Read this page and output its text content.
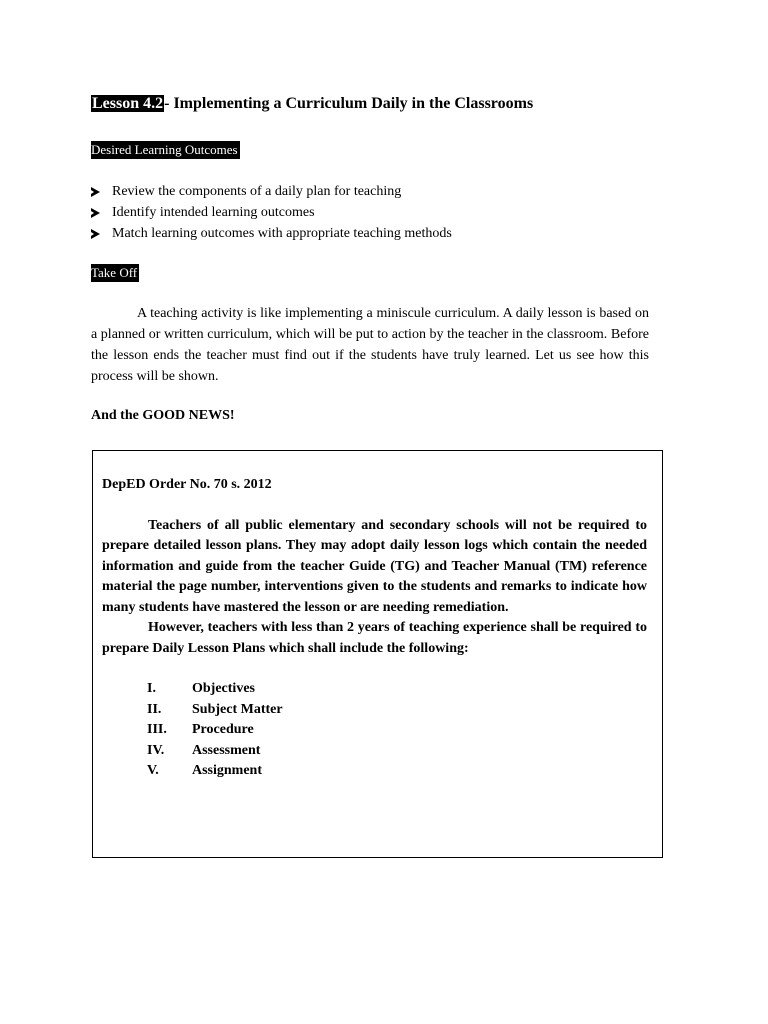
Lesson 4.2- Implementing a Curriculum Daily in the Classrooms
Desired Learning Outcomes
Review the components of a daily plan for teaching
Identify intended learning outcomes
Match learning outcomes with appropriate teaching methods
Take Off

A teaching activity is like implementing a miniscule curriculum. A daily lesson is based on a planned or written curriculum, which will be put to action by the teacher in the classroom. Before the lesson ends the teacher must find out if the students have truly learned. Let us see how this process will be shown.

And the GOOD NEWS!

DepED Order No. 70 s. 2012

Teachers of all public elementary and secondary schools will not be required to prepare detailed lesson plans. They may adopt daily lesson logs which contain the needed information and guide from the teacher Guide (TG) and Teacher Manual (TM) reference material the page number, interventions given to the students and remarks to indicate how many students have mastered the lesson or are needing remediation.

However, teachers with less than 2 years of teaching experience shall be required to prepare Daily Lesson Plans which shall include the following:

I.	Objectives
II.	Subject Matter
III.	Procedure
IV.	Assessment
V.	Assignment
